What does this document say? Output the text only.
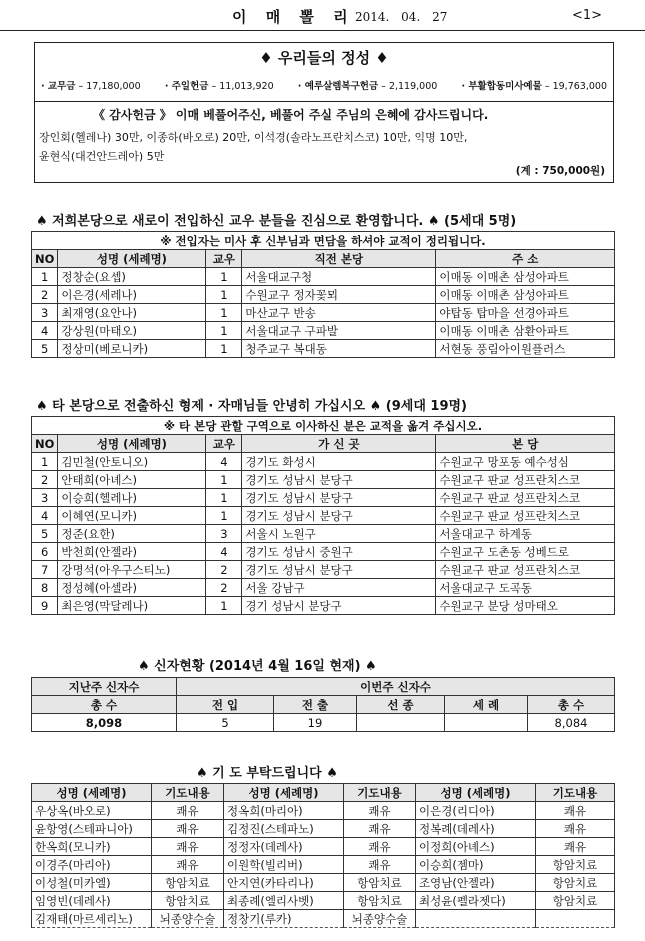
이 매 뽈 리 2014. 04. 27	<1>
♦ 우리들의 정성 ♦
· 교무금 – 17,180,000	· 주일헌금 – 11,013,920	· 예루살렘복구헌금 – 2,119,000	· 부활합동미사예물 – 19,763,000
《 감사헌금 》 이매 베풀어주신, 베풀어 주실 주님의 은혜에 감사드립니다.
장인회(헬레나) 30만, 이종하(바오로) 20만, 이석경(솔라노프란치스코) 10만, 익명 10만,
윤현식(대건안드레아) 5만
(계 : 750,000원)
♠ 저희본당으로 새로이 전입하신 교우 분들을 진심으로 환영합니다. ♠ (5세대 5명)
※ 전입자는 미사 후 신부님과 면담을 하셔야 교적이 정리됩니다.				
NO	성명 (세례명)	교우	직전 본당	주 소
1	정창순(요셉)	1	서울대교구청	이매동 이매촌 삼성아파트
2	이은경(세레나)	1	수원교구 정자꽃뫼	이매동 이매촌 삼성아파트
3	최재영(요안나)	1	마산교구 반송	야탑동 탑마을 선경아파트
4	강상원(마태오)	1	서울대교구 구파발	이매동 이매촌 삼환아파트
5	정상미(베로니카)	1	청주교구 복대동	서현동 풍림아이원플러스
♠ 타 본당으로 전출하신 형제 · 자매님들 안녕히 가십시오 ♠ (9세대 19명)
※ 타 본당 관할 구역으로 이사하신 분은 교적을 옮겨 주십시오.				
NO	성명 (세례명)	교우	가 신 곳	본 당
1	김민철(안토니오)	4	경기도 화성시	수원교구 망포동 예수성심
2	안태희(아녜스)	1	경기도 성남시 분당구	수원교구 판교 성프란치스코
3	이승희(헬레나)	1	경기도 성남시 분당구	수원교구 판교 성프란치스코
4	이혜연(모니카)	1	경기도 성남시 분당구	수원교구 판교 성프란치스코
5	정준(요한)	3	서울시 노원구	서울대교구 하계동
6	박천희(안젤라)	4	경기도 성남시 중원구	수원교구 도촌동 성베드로
7	강명석(아우구스티노)	2	경기도 성남시 분당구	수원교구 판교 성프란치스코
8	정성혜(아셀라)	2	서울 강남구	서울대교구 도곡동
9	최은영(막달레나)	1	경기 성남시 분당구	수원교구 분당 성마태오
♠ 신자현황 (2014년 4월 16일 현재) ♠
지난주 신자수	이번주 신자수				
총 수	전 입	전 출	선 종	세 례	총 수
8,098	5	19			8,084
♠ 기 도 부탁드립니다 ♠
성명 (세례명)	기도내용	성명 (세례명)	기도내용	성명 (세례명)	기도내용
우상옥(바오로)	쾌유	정옥희(마리아)	쾌유	이은경(리디아)	쾌유
윤항영(스테파니아)	쾌유	김정진(스테파노)	쾌유	정복례(데레사)	쾌유
한옥희(모니카)	쾌유	정정자(데레사)	쾌유	이정희(아녜스)	쾌유
이경주(마리아)	쾌유	이원학(빌리버)	쾌유	이승희(젬마)	항암치료
이성철(미카엘)	항암치료	안지연(카타리나)	항암치료	조영남(안젤라)	항암치료
임영빈(데레사)	항암치료	최종례(엘리사벳)	항암치료	최성윤(펠라젯다)	항암치료
김재태(마르세리노)	뇌종양수술	정창기(루카)	뇌종양수술		
